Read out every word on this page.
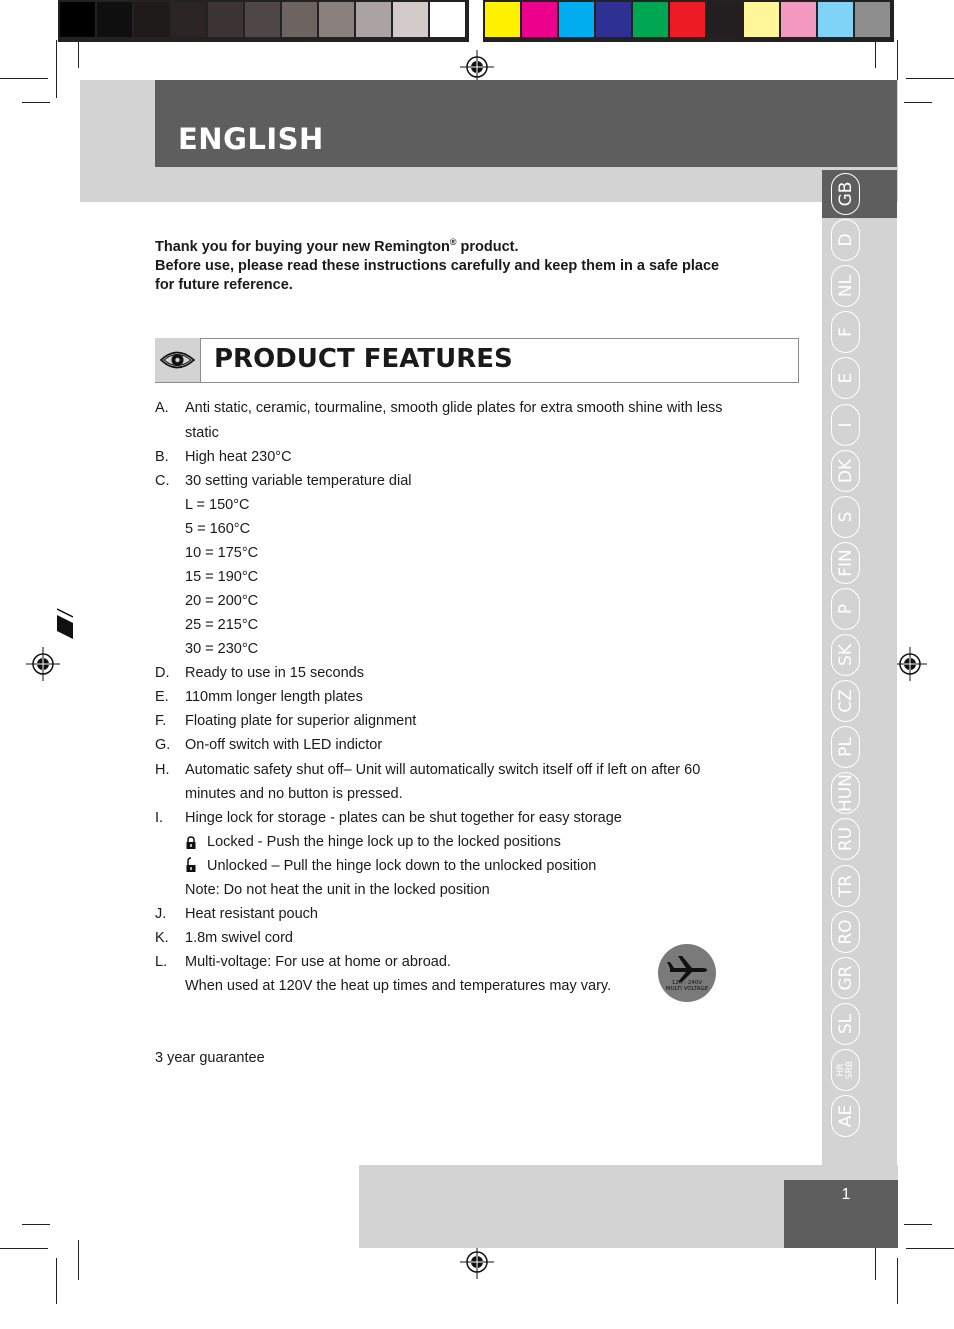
ENGLISH
GB
D
NL
F
E
I
DK
S
FIN
P
SK
CZ
PL
HUN
RU
TR
RO
GR
SL
HR
SRB
AE
1
Thank you for buying your new Remington® product.
Before use, please read these instructions carefully and keep them in a safe place
for future reference.
PRODUCT FEATURES
A. Anti static, ceramic, tourmaline, smooth glide plates for extra smooth shine with less
static
B. High heat 230°C
C. 30 setting variable temperature dial
L = 150°C
5 = 160°C
10 = 175°C
15 = 190°C
20 = 200°C
25 = 215°C
30 = 230°C
D. Ready to use in 15 seconds
E. 110mm longer length plates
F. Floating plate for superior alignment
G. On-off switch with LED indictor
H. Automatic safety shut off– Unit will automatically switch itself off if left on after 60
minutes and no button is pressed.
I. Hinge lock for storage - plates can be shut together for easy storage
Locked - Push the hinge lock up to the locked positions
Unlocked – Pull the hinge lock down to the unlocked position
Note: Do not heat the unit in the locked position
J. Heat resistant pouch
K. 1.8m swivel cord
L. Multi-voltage: For use at home or abroad.
When used at 120V the heat up times and temperatures may vary.	120 - 240V
MULTI VOLTAGE
3 year guarantee
